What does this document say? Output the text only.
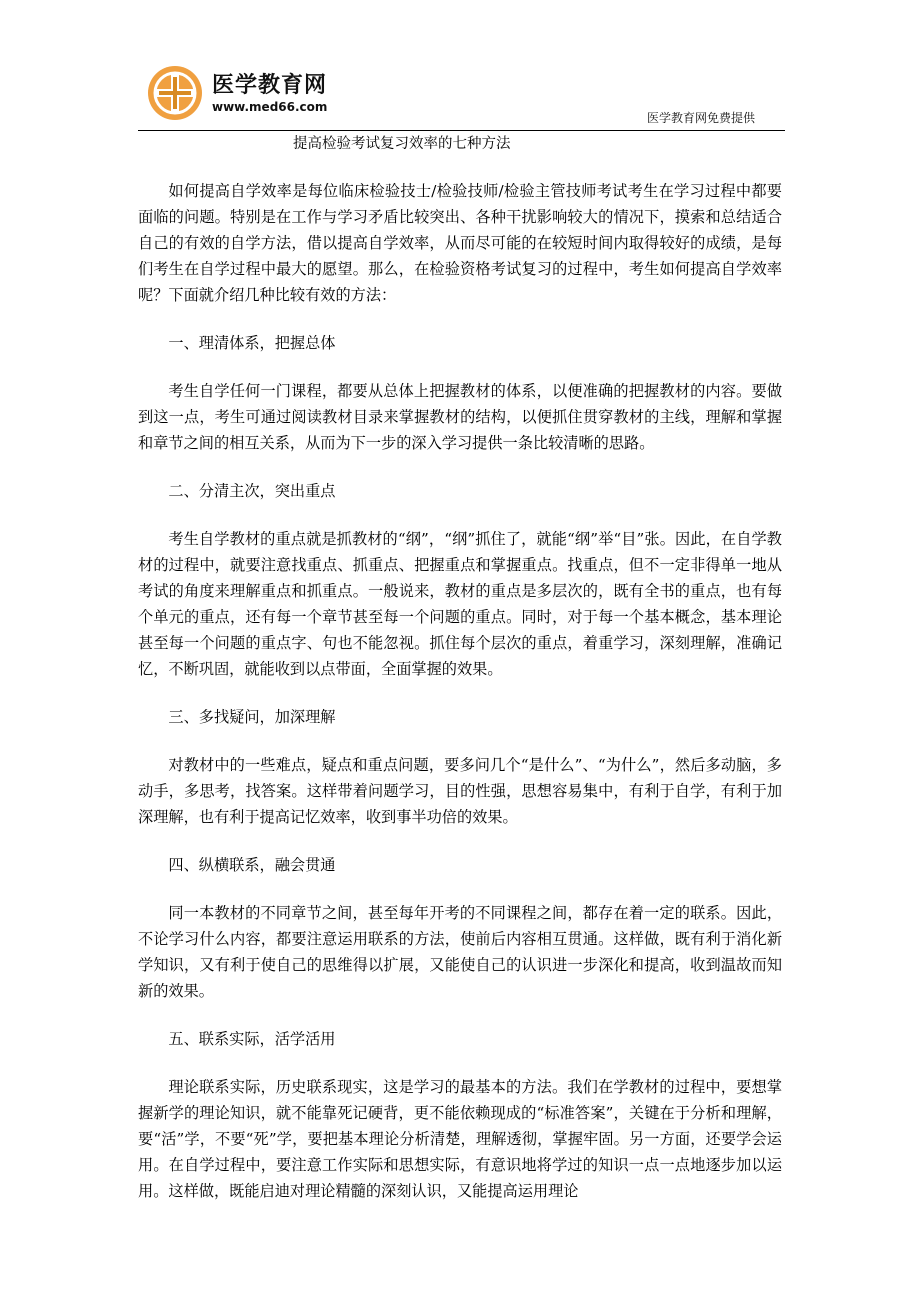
医学教育网
www.med66.com
医学教育网免费提供
提高检验考试复习效率的七种方法

如何提高自学效率是每位临床检验技士/检验技师/检验主管技师考试考生在学习过程中都要面临的问题。特别是在工作与学习矛盾比较突出、各种干扰影响较大的情况下，摸索和总结适合自己的有效的自学方法，借以提高自学效率，从而尽可能的在较短时间内取得较好的成绩，是每们考生在自学过程中最大的愿望。那么，在检验资格考试复习的过程中，考生如何提高自学效率呢？下面就介绍几种比较有效的方法：

一、理清体系，把握总体

考生自学任何一门课程，都要从总体上把握教材的体系，以便准确的把握教材的内容。要做到这一点，考生可通过阅读教材目录来掌握教材的结构，以便抓住贯穿教材的主线，理解和掌握和章节之间的相互关系，从而为下一步的深入学习提供一条比较清晰的思路。

二、分清主次，突出重点

考生自学教材的重点就是抓教材的“纲”，“纲”抓住了，就能“纲”举“目”张。因此，在自学教材的过程中，就要注意找重点、抓重点、把握重点和掌握重点。找重点，但不一定非得单一地从考试的角度来理解重点和抓重点。一般说来，教材的重点是多层次的，既有全书的重点，也有每个单元的重点，还有每一个章节甚至每一个问题的重点。同时，对于每一个基本概念，基本理论甚至每一个问题的重点字、句也不能忽视。抓住每个层次的重点，着重学习，深刻理解，准确记忆，不断巩固，就能收到以点带面，全面掌握的效果。

三、多找疑问，加深理解

对教材中的一些难点，疑点和重点问题，要多问几个“是什么”、“为什么”，然后多动脑，多动手，多思考，找答案。这样带着问题学习，目的性强，思想容易集中，有利于自学，有利于加深理解，也有利于提高记忆效率，收到事半功倍的效果。

四、纵横联系，融会贯通

同一本教材的不同章节之间，甚至每年开考的不同课程之间，都存在着一定的联系。因此，不论学习什么内容，都要注意运用联系的方法，使前后内容相互贯通。这样做，既有利于消化新学知识，又有利于使自己的思维得以扩展，又能使自己的认识进一步深化和提高，收到温故而知新的效果。

五、联系实际，活学活用

理论联系实际，历史联系现实，这是学习的最基本的方法。我们在学教材的过程中，要想掌握新学的理论知识，就不能靠死记硬背，更不能依赖现成的“标准答案”，关键在于分析和理解，要“活”学，不要“死”学，要把基本理论分析清楚，理解透彻，掌握牢固。另一方面，还要学会运用。在自学过程中，要注意工作实际和思想实际，有意识地将学过的知识一点一点地逐步加以运用。这样做，既能启迪对理论精髓的深刻认识，又能提高运用理论
